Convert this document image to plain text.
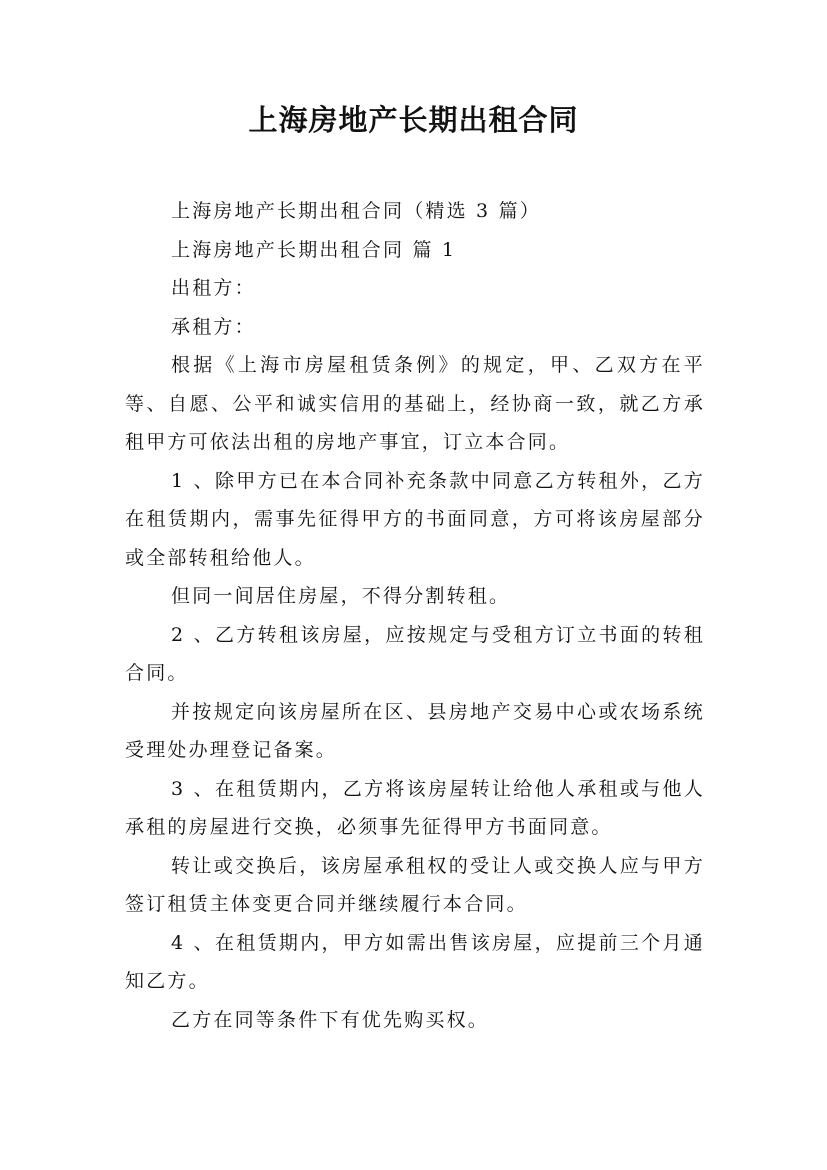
上海房地产长期出租合同

上海房地产长期出租合同（精选 3 篇）

上海房地产长期出租合同 篇 1

出租方：

承租方：

根据《上海市房屋租赁条例》的规定，甲、乙双方在平等、自愿、公平和诚实信用的基础上，经协商一致，就乙方承租甲方可依法出租的房地产事宜，订立本合同。

1 、除甲方已在本合同补充条款中同意乙方转租外，乙方在租赁期内，需事先征得甲方的书面同意，方可将该房屋部分或全部转租给他人。

但同一间居住房屋，不得分割转租。

2 、乙方转租该房屋，应按规定与受租方订立书面的转租合同。

并按规定向该房屋所在区、县房地产交易中心或农场系统受理处办理登记备案。

3 、在租赁期内，乙方将该房屋转让给他人承租或与他人承租的房屋进行交换，必须事先征得甲方书面同意。

转让或交换后，该房屋承租权的受让人或交换人应与甲方签订租赁主体变更合同并继续履行本合同。

4 、在租赁期内，甲方如需出售该房屋，应提前三个月通知乙方。

乙方在同等条件下有优先购买权。
